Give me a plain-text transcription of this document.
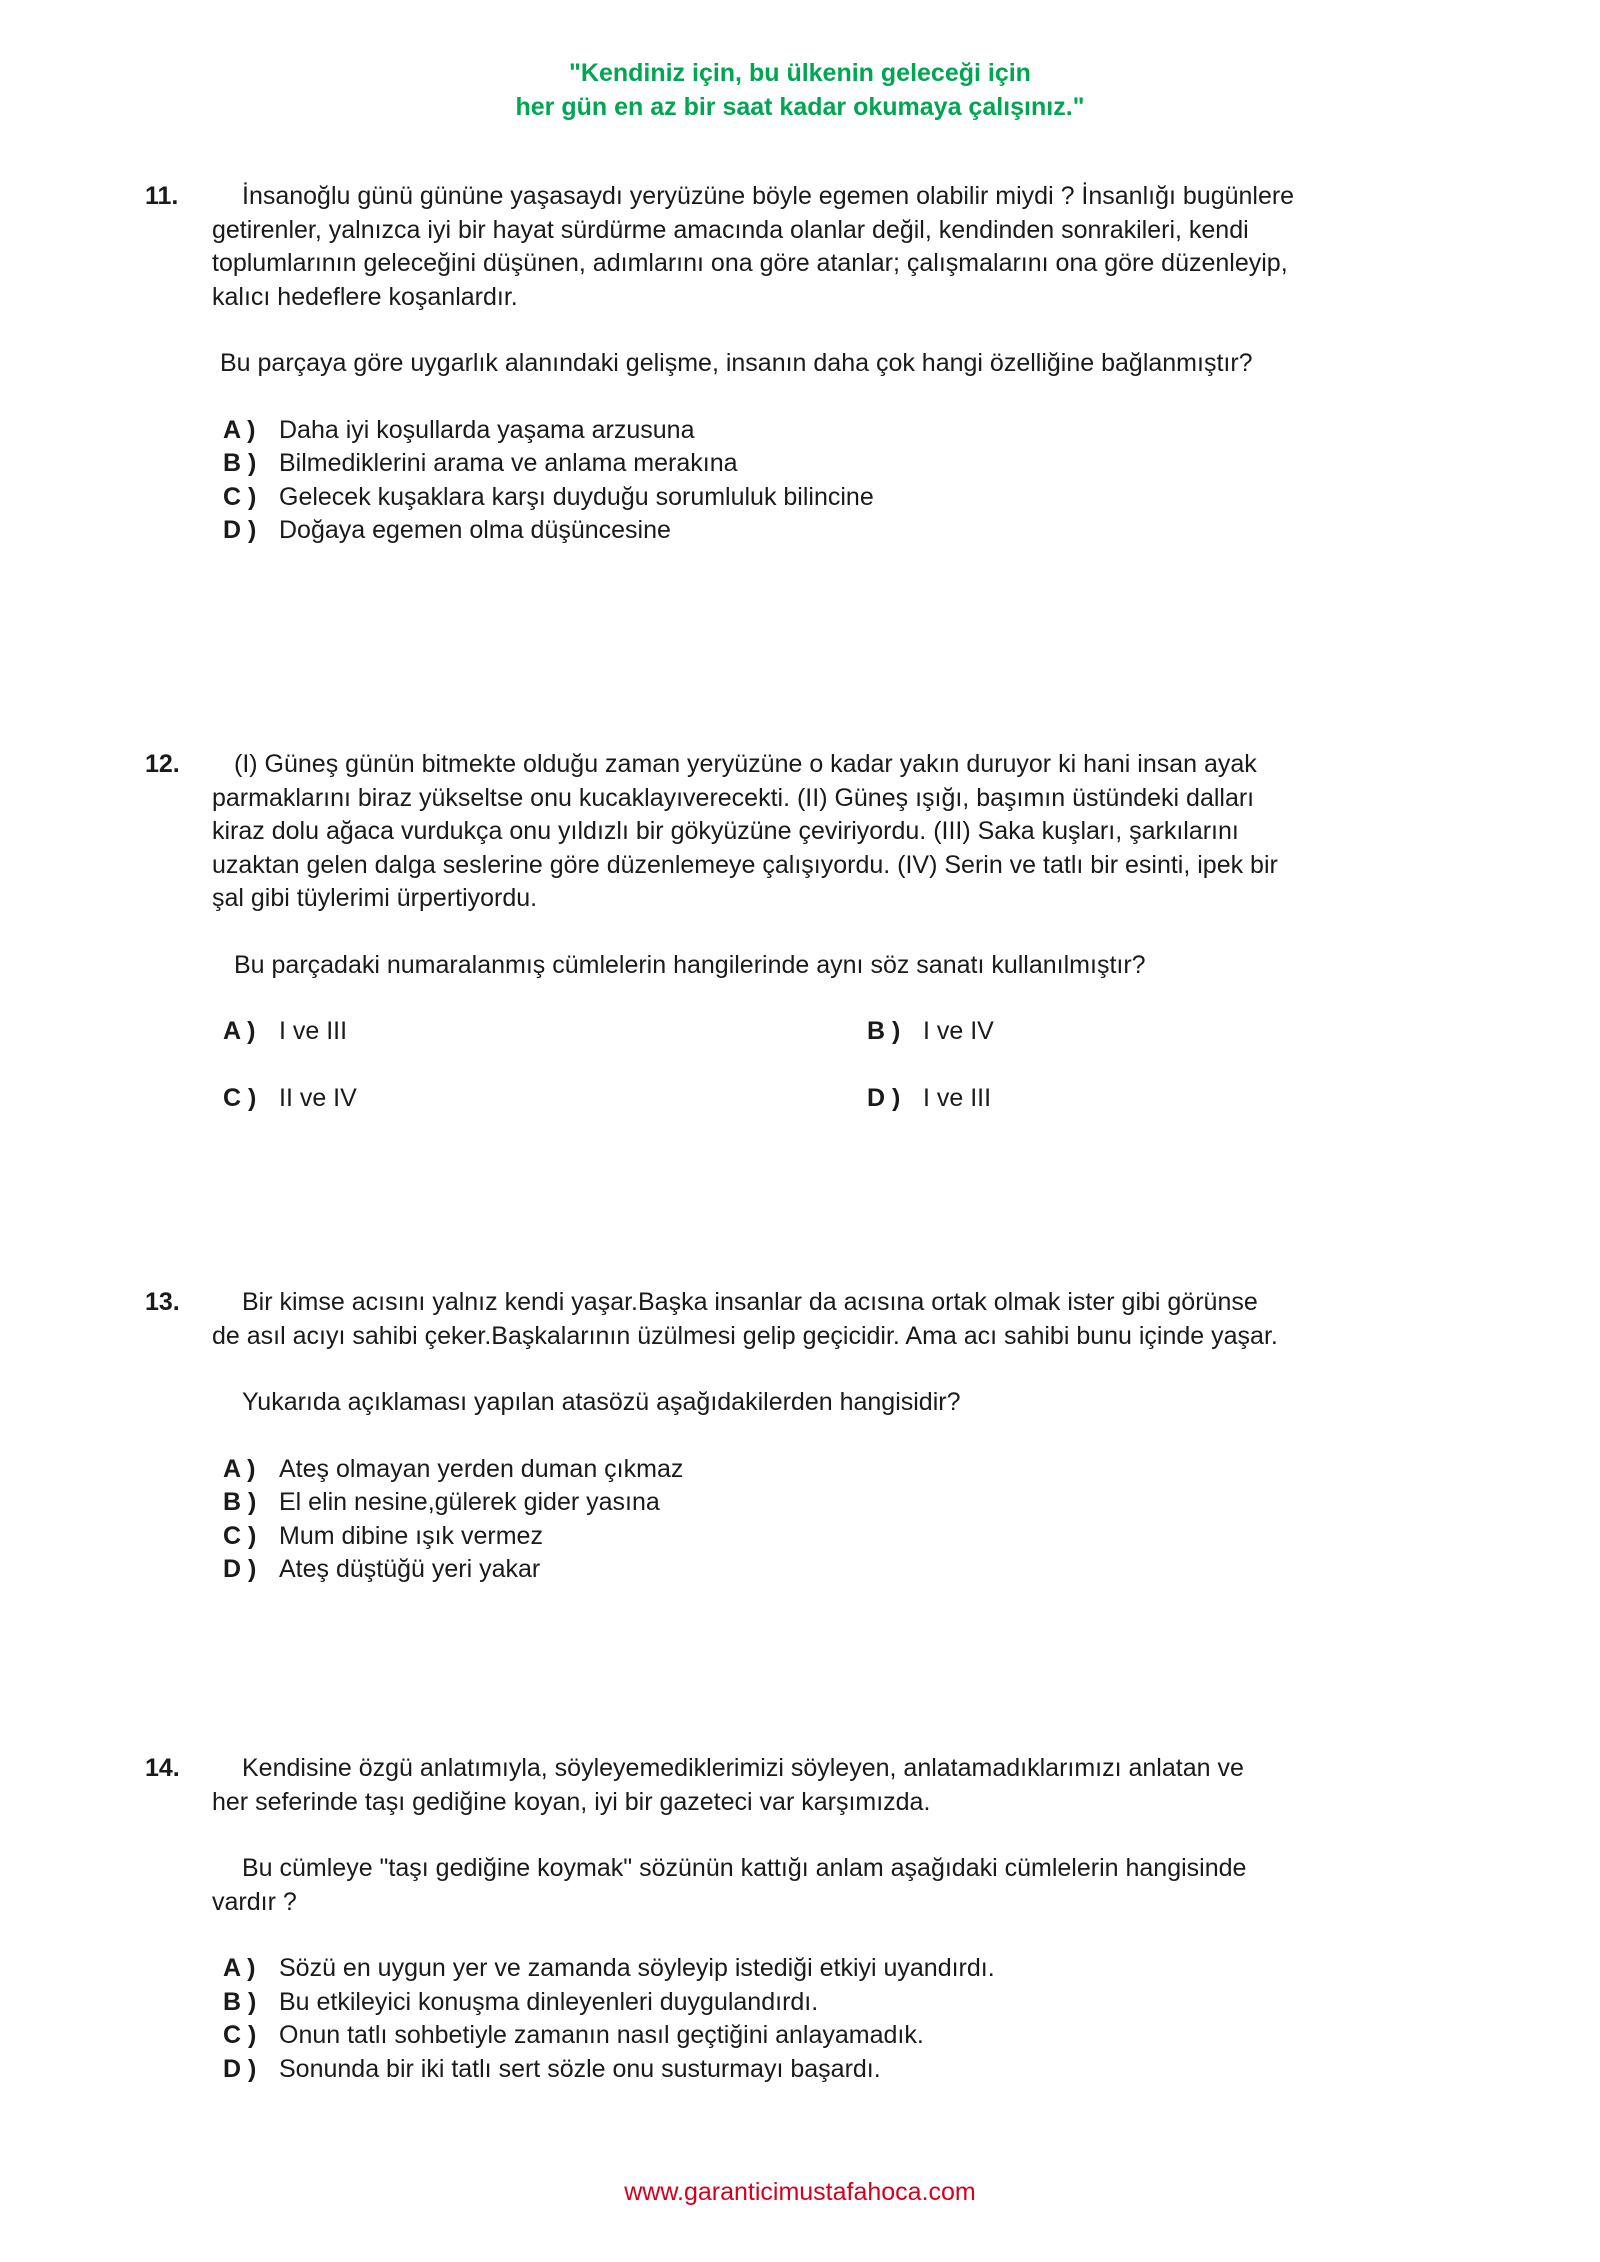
"Kendiniz için, bu ülkenin geleceği için
her gün en az bir saat kadar okumaya çalışınız."
11.	İnsanoğlu günü gününe yaşasaydı yeryüzüne böyle egemen olabilir miydi ? İnsanlığı bugünlere
getirenler, yalnızca iyi bir hayat sürdürme amacında olanlar değil, kendinden sonrakileri, kendi
toplumlarının geleceğini düşünen, adımlarını ona göre atanlar; çalışmalarını ona göre düzenleyip,
kalıcı hedeflere koşanlardır.
Bu parçaya göre uygarlık alanındaki gelişme, insanın daha çok hangi özelliğine bağlanmıştır?
A ) Daha iyi koşullarda yaşama arzusuna
B ) Bilmediklerini arama ve anlama merakına
C ) Gelecek kuşaklara karşı duyduğu sorumluluk bilincine
D ) Doğaya egemen olma düşüncesine
12.	(I) Güneş günün bitmekte olduğu zaman yeryüzüne o kadar yakın duruyor ki hani insan ayak
parmaklarını biraz yükseltse onu kucaklayıverecekti. (II) Güneş ışığı, başımın üstündeki dalları
kiraz dolu ağaca vurdukça onu yıldızlı bir gökyüzüne çeviriyordu. (III) Saka kuşları, şarkılarını
uzaktan gelen dalga seslerine göre düzenlemeye çalışıyordu. (IV) Serin ve tatlı bir esinti, ipek bir
şal gibi tüylerimi ürpertiyordu.
Bu parçadaki numaralanmış cümlelerin hangilerinde aynı söz sanatı kullanılmıştır?
A ) I ve III	B ) I ve IV
C ) II ve IV	D ) I ve III
13.	Bir kimse acısını yalnız kendi yaşar.Başka insanlar da acısına ortak olmak ister gibi görünse
de asıl acıyı sahibi çeker.Başkalarının üzülmesi gelip geçicidir. Ama acı sahibi bunu içinde yaşar.
Yukarıda açıklaması yapılan atasözü aşağıdakilerden hangisidir?
A ) Ateş olmayan yerden duman çıkmaz
B ) El elin nesine,gülerek gider yasına
C ) Mum dibine ışık vermez
D ) Ateş düştüğü yeri yakar
14.	Kendisine özgü anlatımıyla, söyleyemediklerimizi söyleyen, anlatamadıklarımızı anlatan ve
her seferinde taşı gediğine koyan, iyi bir gazeteci var karşımızda.
Bu cümleye "taşı gediğine koymak" sözünün kattığı anlam aşağıdaki cümlelerin hangisinde
vardır ?
A ) Sözü en uygun yer ve zamanda söyleyip istediği etkiyi uyandırdı.
B ) Bu etkileyici konuşma dinleyenleri duygulandırdı.
C ) Onun tatlı sohbetiyle zamanın nasıl geçtiğini anlayamadık.
D ) Sonunda bir iki tatlı sert sözle onu susturmayı başardı.
www.garanticimustafahoca.com
